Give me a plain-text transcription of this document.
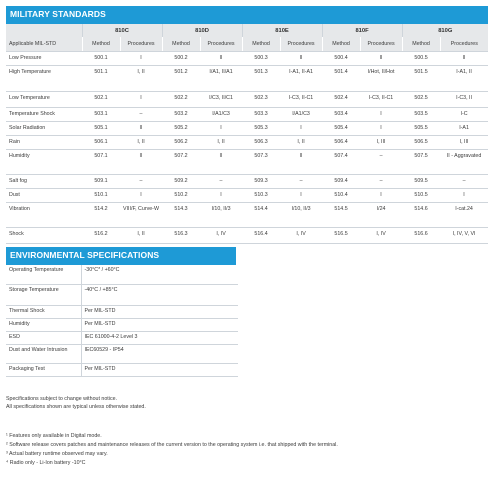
MILITARY STANDARDS
	810C		810D		810E		810F		810G	
Applicable MIL-STD	Method	Procedures	Method	Procedures	Method	Procedures	Method	Procedures	Method	Procedures
Low Pressure	500.1	I	500.2	II	500.3	II	500.4	II	500.5	II
High Temperature	501.1	I, II	501.2	I/A1, II/A1	501.3	I-A1, II-A1	501.4	I/Hot, II/Hot	501.5	I-A1, II
Low Temperature	502.1	I	502.2	I/C3, II/C1	502.3	I-C3, II-C1	502.4	I-C3, II-C1	502.5	I-C3, II
Temperature Shock	503.1	–	503.2	I/A1/C3	503.3	I/A1/C3	503.4	I	503.5	I-C
Solar Radiation	505.1	II	505.2	I	505.3	I	505.4	I	505.5	I-A1
Rain	506.1	I, II	506.2	I, II	506.3	I, II	506.4	I, III	506.5	I, III
Humidity	507.1	II	507.2	II	507.3	II	507.4	–	507.5	II - Aggravated
Salt fog	509.1	–	509.2	–	509.3	–	509.4	–	509.5	–
Dust	510.1	I	510.2	I	510.3	I	510.4	I	510.5	I
Vibration	514.2	VIII/F, Curve-W	514.3	I/10, II/3	514.4	I/10, II/3	514.5	I/24	514.6	I-cat.24
Shock	516.2	I, II	516.3	I, IV	516.4	I, IV	516.5	I, IV	516.6	I, IV, V, VI
ENVIRONMENTAL SPECIFICATIONS
Operating Temperature	-30°C* / +60°C
Storage Temperature	-40°C / +85°C
Thermal Shock	Per MIL-STD
Humidity	Per MIL-STD
ESD	IEC 61000-4-2 Level 3
Dust and Water Intrusion	IEC60529 - IP54
Packaging Test	Per MIL-STD
Specifications subject to change without notice.
All specifications shown are typical unless otherwise stated.
¹ Features only available in Digital mode.
² Software release covers patches and maintenance releases of the current version to the operating system i.e. that shipped with the terminal.
³ Actual battery runtime observed may vary.
⁴ Radio only - Li-Ion battery -10°C
